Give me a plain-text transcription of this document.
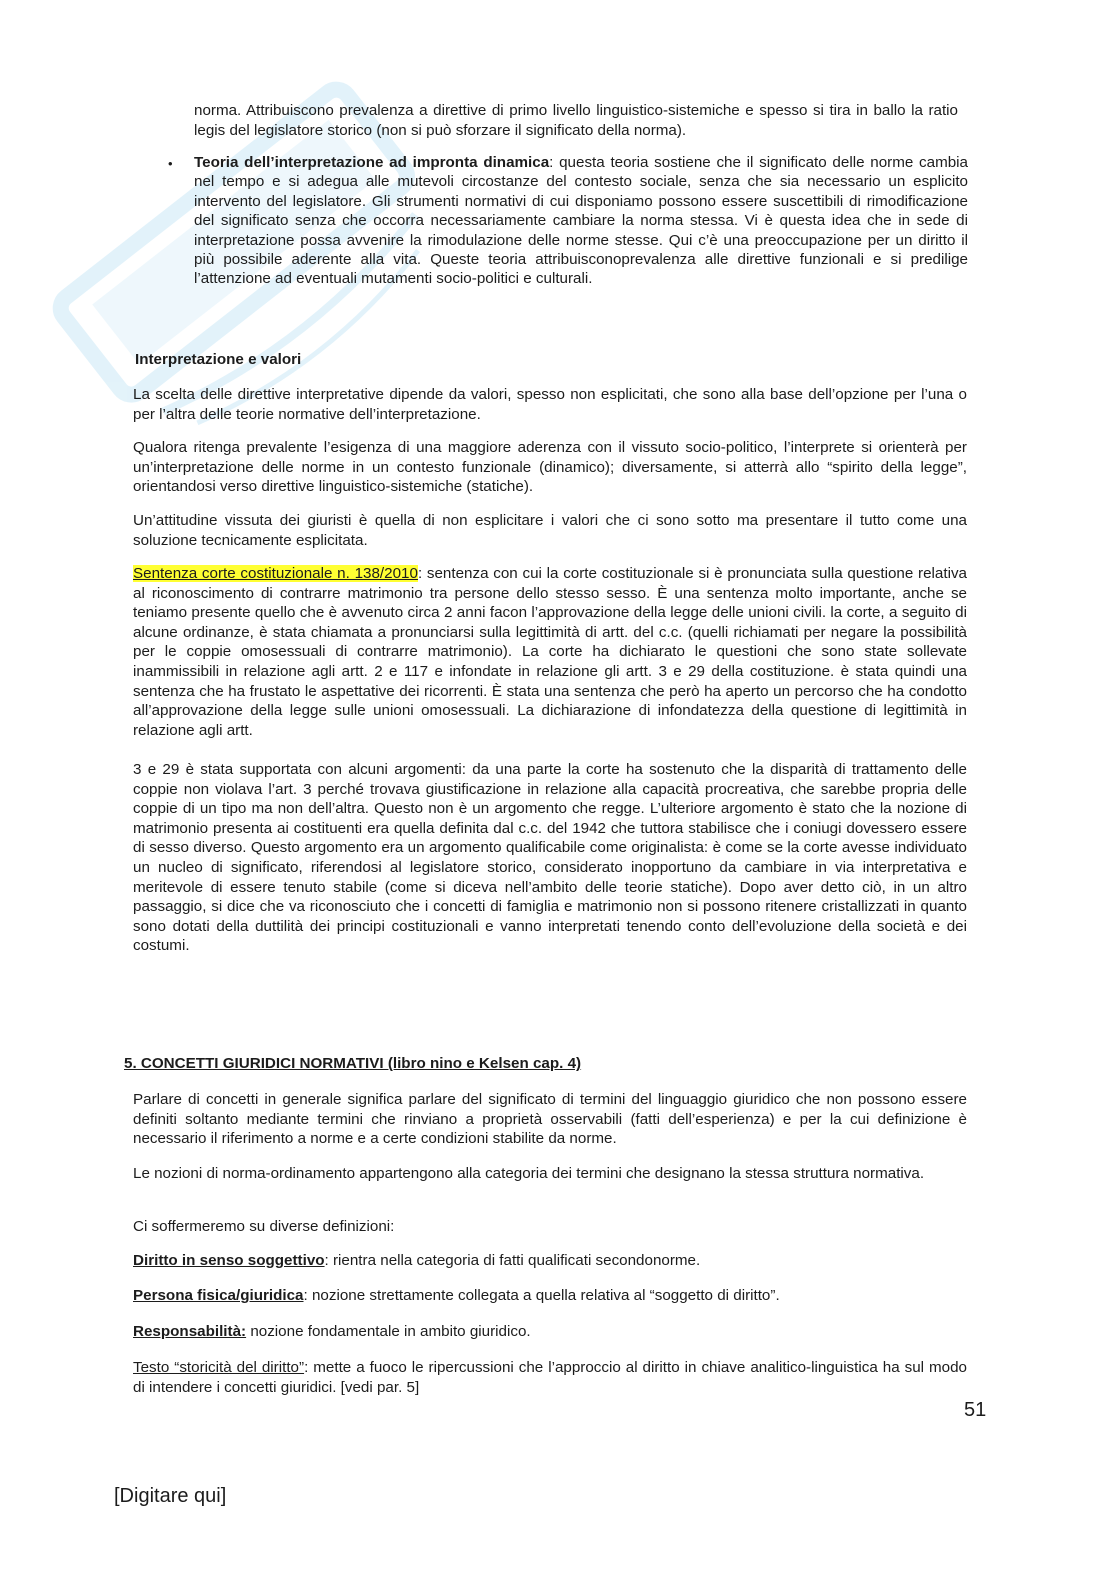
norma. Attribuiscono prevalenza a direttive di primo livello linguistico-sistemiche e spesso si tira in ballo la ratio legis del legislatore storico (non si può sforzare il significato della norma).

• Teoria dell’interpretazione ad impronta dinamica: questa teoria sostiene che il significato delle norme cambia nel tempo e si adegua alle mutevoli circostanze del contesto sociale, senza che sia necessario un esplicito intervento del legislatore. Gli strumenti normativi di cui disponiamo possono essere suscettibili di rimodificazione del significato senza che occorra necessariamente cambiare la norma stessa. Vi è questa idea che in sede di interpretazione possa avvenire la rimodulazione delle norme stesse. Qui c’è una preoccupazione per un diritto il più possibile aderente alla vita. Queste teoria attribuisconoprevalenza alle direttive funzionali e si predilige l’attenzione ad eventuali mutamenti socio-politici e culturali.

Interpretazione e valori

La scelta delle direttive interpretative dipende da valori, spesso non esplicitati, che sono alla base dell’opzione per l’una o per l’altra delle teorie normative dell’interpretazione.

Qualora ritenga prevalente l’esigenza di una maggiore aderenza con il vissuto socio-politico, l’interprete si orienterà per un’interpretazione delle norme in un contesto funzionale (dinamico); diversamente, si atterrà allo “spirito della legge”, orientandosi verso direttive linguistico-sistemiche (statiche).

Un’attitudine vissuta dei giuristi è quella di non esplicitare i valori che ci sono sotto ma presentare il tutto come una soluzione tecnicamente esplicitata.

Sentenza corte costituzionale n. 138/2010: sentenza con cui la corte costituzionale si è pronunciata sulla questione relativa al riconoscimento di contrarre matrimonio tra persone dello stesso sesso. È una sentenza molto importante, anche se teniamo presente quello che è avvenuto circa 2 anni facon l’approvazione della legge delle unioni civili. la corte, a seguito di alcune ordinanze, è stata chiamata a pronunciarsi sulla legittimità di artt. del c.c. (quelli richiamati per negare la possibilità per le coppie omosessuali di contrarre matrimonio). La corte ha dichiarato le questioni che sono state sollevate inammissibili in relazione agli artt. 2 e 117 e infondate in relazione gli artt. 3 e 29 della costituzione. è stata quindi una sentenza che ha frustato le aspettative dei ricorrenti. È stata una sentenza che però ha aperto un percorso che ha condotto all’approvazione della legge sulle unioni omosessuali. La dichiarazione di infondatezza della questione di legittimità in relazione agli artt.

3 e 29 è stata supportata con alcuni argomenti: da una parte la corte ha sostenuto che la disparità di trattamento delle coppie non violava l’art. 3 perché trovava giustificazione in relazione alla capacità procreativa, che sarebbe propria delle coppie di un tipo ma non dell’altra. Questo non è un argomento che regge. L’ulteriore argomento è stato che la nozione di matrimonio presenta ai costituenti era quella definita dal c.c. del 1942 che tuttora stabilisce che i coniugi dovessero essere di sesso diverso. Questo argomento era un argomento qualificabile come originalista: è come se la corte avesse individuato un nucleo di significato, riferendosi al legislatore storico, considerato inopportuno da cambiare in via interpretativa e meritevole di essere tenuto stabile (come si diceva nell’ambito delle teorie statiche). Dopo aver detto ciò, in un altro passaggio, si dice che va riconosciuto che i concetti di famiglia e matrimonio non si possono ritenere cristallizzati in quanto sono dotati della duttilità dei principi costituzionali e vanno interpretati tenendo conto dell’evoluzione della società e dei costumi.

5. CONCETTI GIURIDICI NORMATIVI (libro nino e Kelsen cap. 4)

Parlare di concetti in generale significa parlare del significato di termini del linguaggio giuridico che non possono essere definiti soltanto mediante termini che rinviano a proprietà osservabili (fatti dell’esperienza) e per la cui definizione è necessario il riferimento a norme e a certe condizioni stabilite da norme.

Le nozioni di norma-ordinamento appartengono alla categoria dei termini che designano la stessa struttura normativa.

Ci soffermeremo su diverse definizioni:

Diritto in senso soggettivo: rientra nella categoria di fatti qualificati secondonorme.

Persona fisica/giuridica: nozione strettamente collegata a quella relativa al “soggetto di diritto”.

Responsabilità: nozione fondamentale in ambito giuridico.

Testo “storicità del diritto”: mette a fuoco le ripercussioni che l’approccio al diritto in chiave analitico-linguistica ha sul modo di intendere i concetti giuridici. [vedi par. 5]

51
[Digitare qui]
